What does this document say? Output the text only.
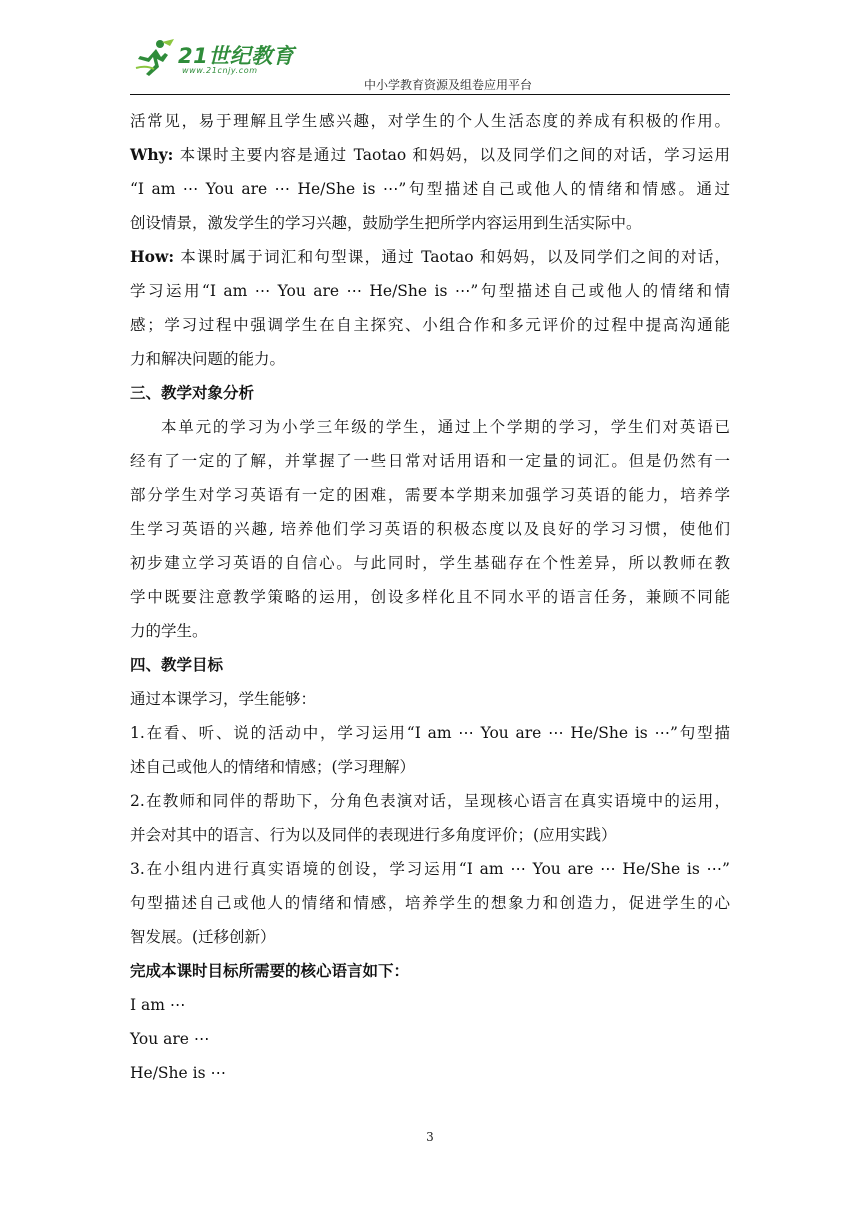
21世纪教育
www.21cnjy.com
中小学教育资源及组卷应用平台
活常见，易于理解且学生感兴趣，对学生的个人生活态度的养成有积极的作用。
Why: 本课时主要内容是通过 Taotao 和妈妈，以及同学们之间的对话，学习运用
“I am ⋯ You are ⋯ He/She is ⋯”句型描述自己或他人的情绪和情感。通过
创设情景，激发学生的学习兴趣，鼓励学生把所学内容运用到生活实际中。
How: 本课时属于词汇和句型课，通过 Taotao 和妈妈，以及同学们之间的对话，
学习运用“I am ⋯ You are ⋯ He/She is ⋯”句型描述自己或他人的情绪和情
感；学习过程中强调学生在自主探究、小组合作和多元评价的过程中提高沟通能
力和解决问题的能力。
三、教学对象分析
本单元的学习为小学三年级的学生，通过上个学期的学习，学生们对英语已
经有了一定的了解，并掌握了一些日常对话用语和一定量的词汇。但是仍然有一
部分学生对学习英语有一定的困难，需要本学期来加强学习英语的能力，培养学
生学习英语的兴趣, 培养他们学习英语的积极态度以及良好的学习习惯，使他们
初步建立学习英语的自信心。与此同时，学生基础存在个性差异，所以教师在教
学中既要注意教学策略的运用，创设多样化且不同水平的语言任务，兼顾不同能
力的学生。
四、教学目标
通过本课学习，学生能够：
1.在看、听、说的活动中，学习运用“I am ⋯ You are ⋯ He/She is ⋯”句型描
述自己或他人的情绪和情感；(学习理解）
2.在教师和同伴的帮助下，分角色表演对话，呈现核心语言在真实语境中的运用，
并会对其中的语言、行为以及同伴的表现进行多角度评价；(应用实践）
3.在小组内进行真实语境的创设，学习运用“I am ⋯ You are ⋯ He/She is ⋯”
句型描述自己或他人的情绪和情感，培养学生的想象力和创造力，促进学生的心
智发展。(迁移创新）
完成本课时目标所需要的核心语言如下：
I am ⋯
You are ⋯
He/She is ⋯
3
